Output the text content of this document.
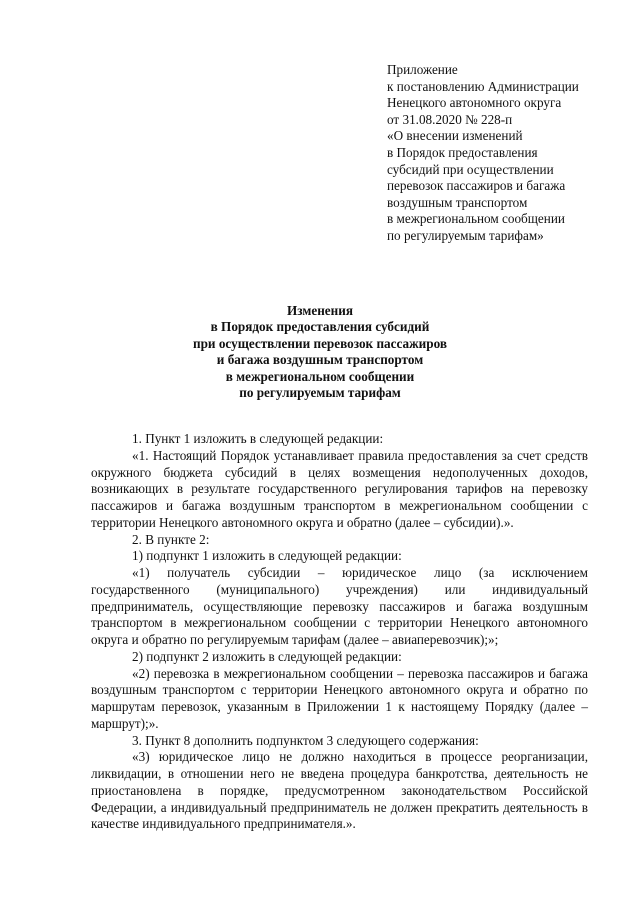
Приложение
к постановлению Администрации
Ненецкого автономного округа
от 31.08.2020 № 228-п
«О внесении изменений
в Порядок предоставления
субсидий при осуществлении
перевозок пассажиров и багажа
воздушным транспортом
в межрегиональном сообщении
по регулируемым тарифам»
Изменения
в Порядок предоставления субсидий
при осуществлении перевозок пассажиров
и багажа воздушным транспортом
в межрегиональном сообщении
по регулируемым тарифам

1. Пункт 1 изложить в следующей редакции:

«1. Настоящий Порядок устанавливает правила предоставления за счет средств окружного бюджета субсидий в целях возмещения недополученных доходов, возникающих в результате государственного регулирования тарифов на перевозку пассажиров и багажа воздушным транспортом в межрегиональном сообщении с территории Ненецкого автономного округа и обратно (далее – субсидии).».

2. В пункте 2:

1) подпункт 1 изложить в следующей редакции:

«1) получатель субсидии – юридическое лицо (за исключением государственного (муниципального) учреждения) или индивидуальный предприниматель, осуществляющие перевозку пассажиров и багажа воздушным транспортом в межрегиональном сообщении с территории Ненецкого автономного округа и обратно по регулируемым тарифам (далее – авиаперевозчик);»;

2) подпункт 2 изложить в следующей редакции:

«2) перевозка в межрегиональном сообщении – перевозка пассажиров и багажа воздушным транспортом с территории Ненецкого автономного округа и обратно по маршрутам перевозок, указанным в Приложении 1 к настоящему Порядку (далее – маршрут);».

3. Пункт 8 дополнить подпунктом 3 следующего содержания:

«3) юридическое лицо не должно находиться в процессе реорганизации, ликвидации, в отношении него не введена процедура банкротства, деятельность не приостановлена в порядке, предусмотренном законодательством Российской Федерации, а индивидуальный предприниматель не должен прекратить деятельность в качестве индивидуального предпринимателя.».
